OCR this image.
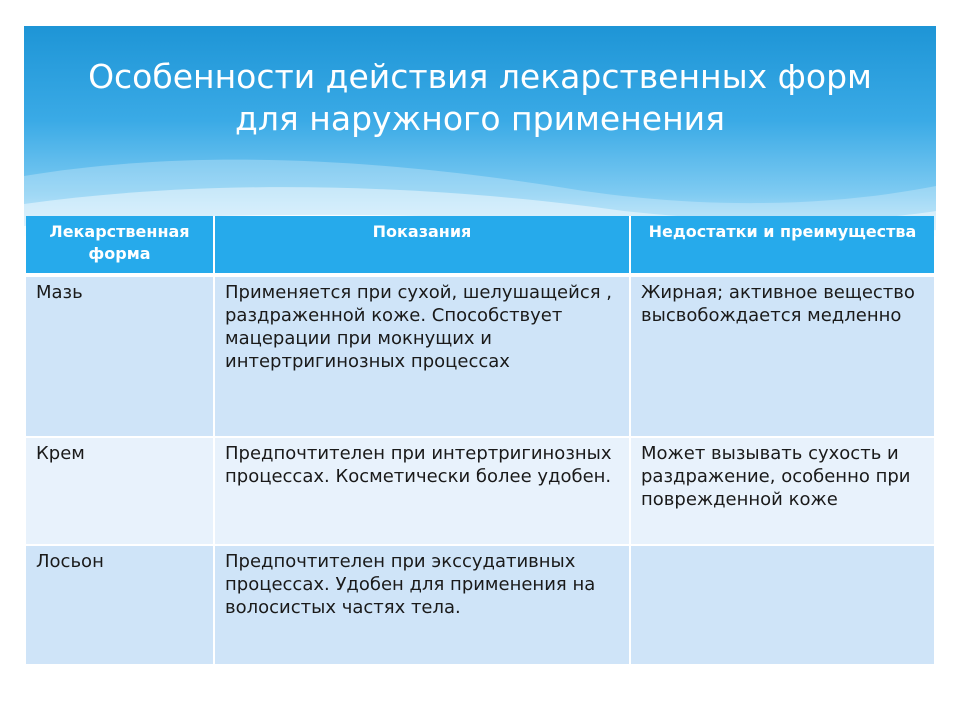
Особенности действия лекарственных форм
для наружного применения
Лекарственная форма	Показания	Недостатки и преимущества
Мазь	Применяется при сухой, шелушащейся , раздраженной коже. Способствует мацерации при мокнущих и интертригинозных процессах	Жирная; активное вещество высвобождается медленно
Крем	Предпочтителен при интертригинозных процессах. Косметически более удобен.	Может вызывать сухость и раздражение, особенно при поврежденной коже
Лосьон	Предпочтителен при экссудативных процессах. Удобен для применения на волосистых частях тела.	
